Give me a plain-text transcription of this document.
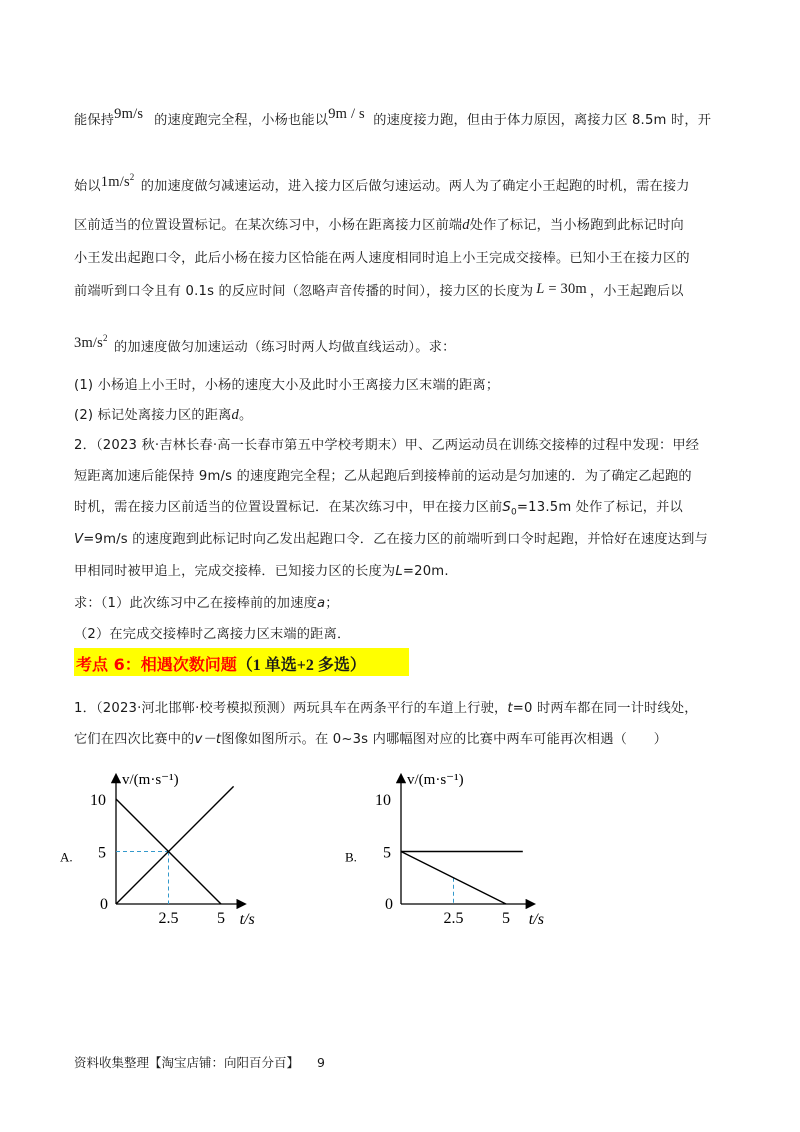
能保持 9m/s 的速度跑完全程，小杨也能以 9m / s 的速度接力跑，但由于体力原因，离接力区 8.5m 时，开
始以 $1m/s^2$
的加速度做匀减速运动，进入接力区后做匀速运动。两人为了确定小王起跑的时机，需在接力
区前适当的位置设置标记。在某次练习中，小杨在距离接力区前端d处作了标记，当小杨跑到此标记时向
小王发出起跑口令，此后小杨在接力区恰能在两人速度相同时追上小王完成交接棒。已知小王在接力区的
前端听到口令且有 0.1s 的反应时间（忽略声音传播的时间），接力区的长度为 L = 30m ，小王起跑后以
$3m/s^2$
的加速度做匀加速运动（练习时两人均做直线运动）。求：
(1) 小杨追上小王时，小杨的速度大小及此时小王离接力区末端的距离；
(2) 标记处离接力区的距离d。
2．（2023 秋·吉林长春·高一长春市第五中学校考期末）甲、乙两运动员在训练交接棒的过程中发现：甲经
短距离加速后能保持 9m/s 的速度跑完全程；乙从起跑后到接棒前的运动是匀加速的．为了确定乙起跑的
时机，需在接力区前适当的位置设置标记．在某次练习中，甲在接力区前$S_0=13.5m$ 处作了标记，并以
V=9m/s 的速度跑到此标记时向乙发出起跑口令．乙在接力区的前端听到口令时起跑，并恰好在速度达到与
甲相同时被甲追上，完成交接棒．已知接力区的长度为L=20m.
求：（1）此次练习中乙在接棒前的加速度a；
（2）在完成交接棒时乙离接力区末端的距离．
考点 6：相遇次数问题（1 单选+2 多选）
1．（2023·河北邯郸·校考模拟预测）两玩具车在两条平行的车道上行驶，t=0 时两车都在同一计时线处，
它们在四次比赛中的v－t图像如图所示。在 0~3s 内哪幅图对应的比赛中两车可能再次相遇（　　）
A.
v/(m·s⁻¹)
t/s
0
10
5
2.5 5
B.
v/(m·s⁻¹)
t/s
0
10
5
2.5 5
资料收集整理【淘宝店铺：向阳百分百】 9
